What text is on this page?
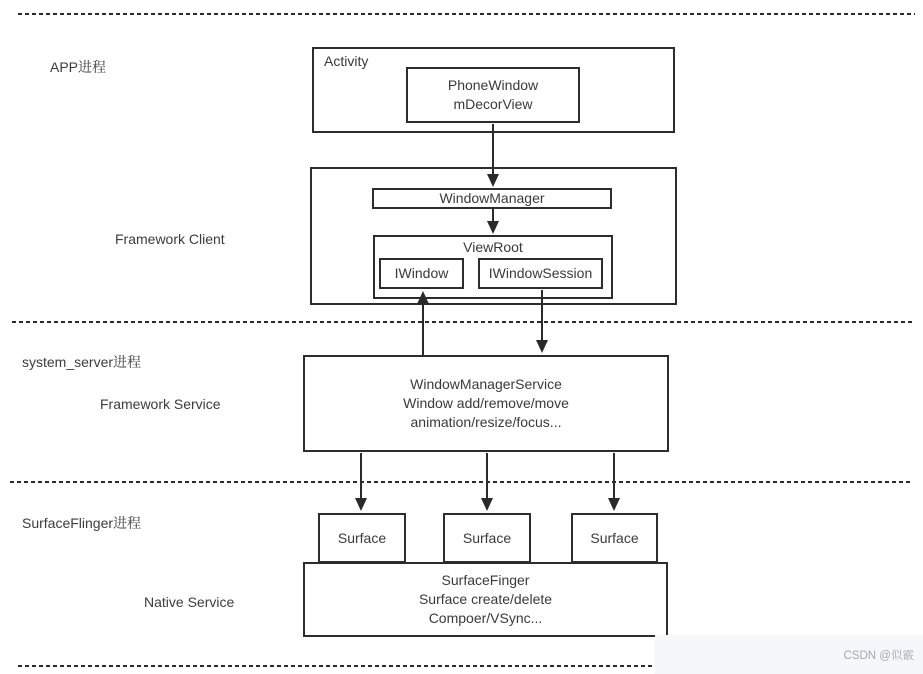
APP进程
Framework Client
system_server进程
Framework Service
SurfaceFlinger进程
Native Service
Activity
PhoneWindow
mDecorView
WindowManager
ViewRoot
IWindow	IWindowSession
WindowManagerService
Window add/remove/move
animation/resize/focus...
Surface	Surface	Surface
SurfaceFinger
Surface create/delete
Compoer/VSync...
CSDN @似霰
